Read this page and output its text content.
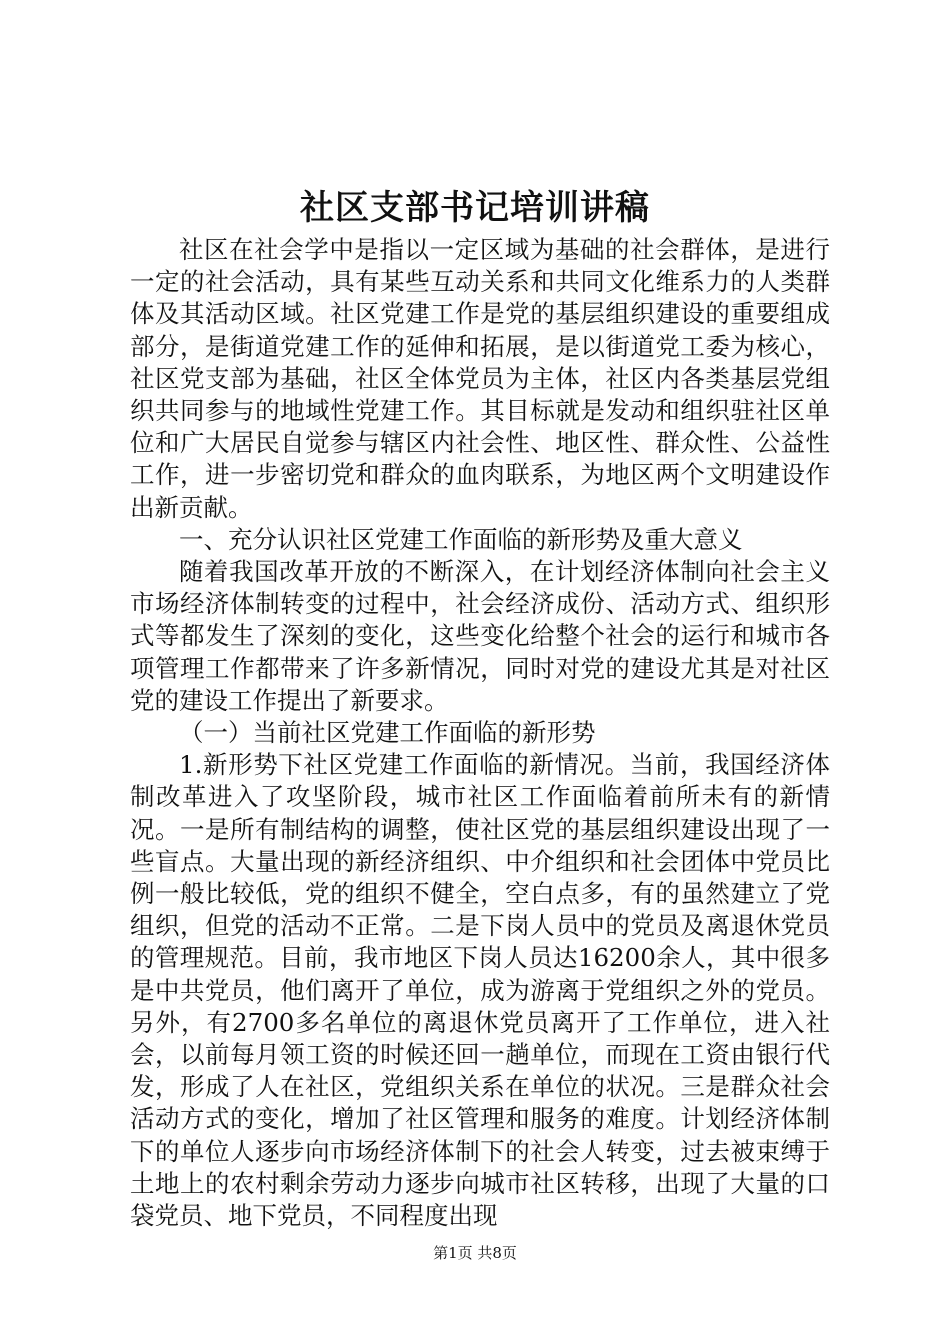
社区支部书记培训讲稿

社区在社会学中是指以一定区域为基础的社会群体，是进行一定的社会活动，具有某些互动关系和共同文化维系力的人类群体及其活动区域。社区党建工作是党的基层组织建设的重要组成部分，是街道党建工作的延伸和拓展，是以街道党工委为核心，社区党支部为基础，社区全体党员为主体，社区内各类基层党组织共同参与的地域性党建工作。其目标就是发动和组织驻社区单位和广大居民自觉参与辖区内社会性、地区性、群众性、公益性工作，进一步密切党和群众的血肉联系，为地区两个文明建设作出新贡献。

一、充分认识社区党建工作面临的新形势及重大意义

随着我国改革开放的不断深入，在计划经济体制向社会主义市场经济体制转变的过程中，社会经济成份、活动方式、组织形式等都发生了深刻的变化，这些变化给整个社会的运行和城市各项管理工作都带来了许多新情况，同时对党的建设尤其是对社区党的建设工作提出了新要求。

（一）当前社区党建工作面临的新形势

1.新形势下社区党建工作面临的新情况。当前，我国经济体制改革进入了攻坚阶段，城市社区工作面临着前所未有的新情况。一是所有制结构的调整，使社区党的基层组织建设出现了一些盲点。大量出现的新经济组织、中介组织和社会团体中党员比例一般比较低，党的组织不健全，空白点多，有的虽然建立了党组织，但党的活动不正常。二是下岗人员中的党员及离退休党员的管理规范。目前，我市地区下岗人员达16200余人，其中很多是中共党员，他们离开了单位，成为游离于党组织之外的党员。另外，有2700多名单位的离退休党员离开了工作单位，进入社会，以前每月领工资的时候还回一趟单位，而现在工资由银行代发，形成了人在社区，党组织关系在单位的状况。三是群众社会活动方式的变化，增加了社区管理和服务的难度。计划经济体制下的单位人逐步向市场经济体制下的社会人转变，过去被束缚于土地上的农村剩余劳动力逐步向城市社区转移，出现了大量的口袋党员、地下党员，不同程度出现

第1页 共8页
